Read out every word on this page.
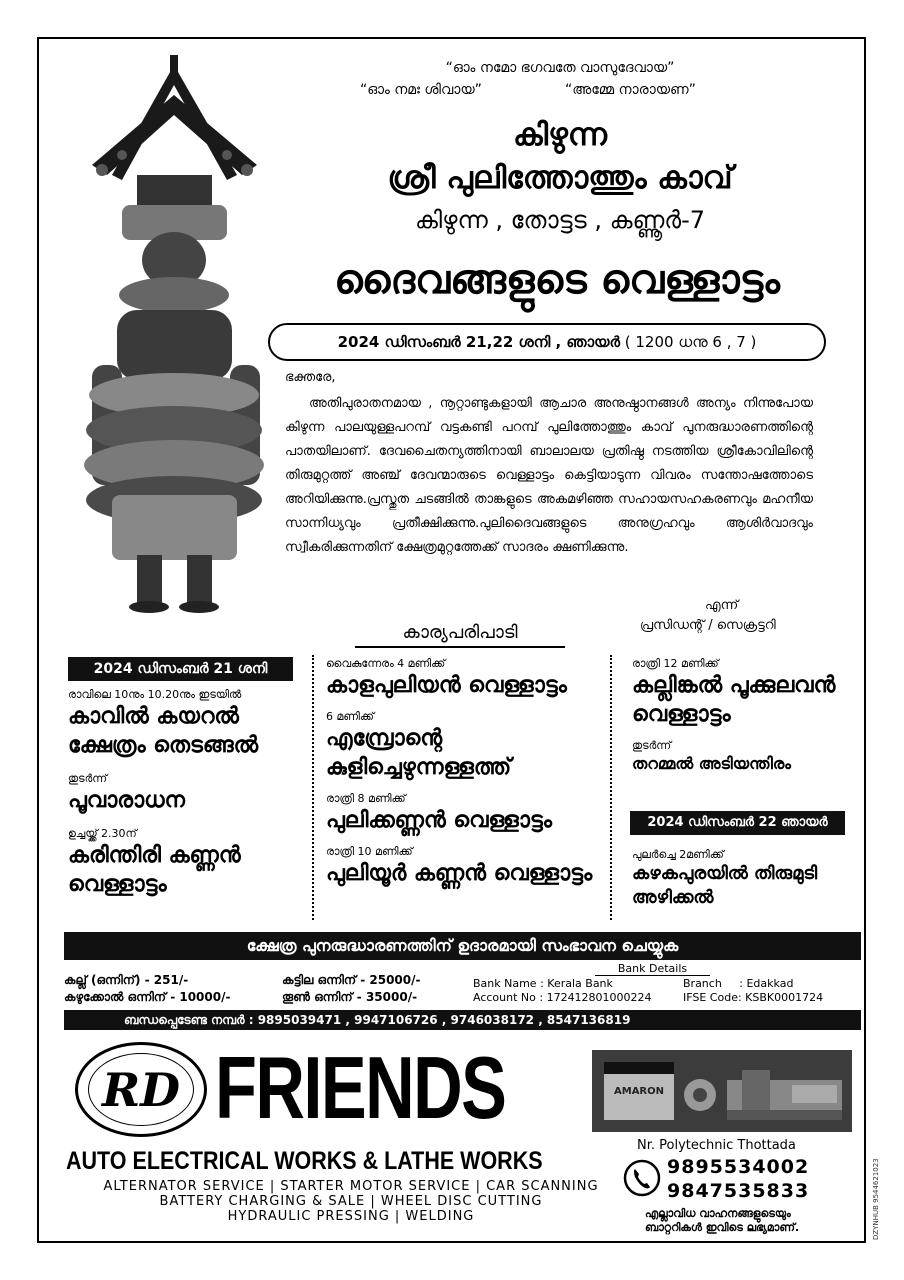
“ഓം നമോ ഭഗവതേ വാസുദേവായ”
“ഓം നമഃ ശിവായ”	“അമ്മേ നാരായണ”
കിഴുന്ന
ശ്രീ പുലിത്തോത്തും കാവ്
കിഴുന്ന , തോട്ടട , കണ്ണൂർ-7
ദൈവങ്ങളുടെ വെള്ളാട്ടം
2024 ഡിസംബർ 21,22 ശനി , ഞായർ ( 1200 ധനു 6 , 7 )
ഭക്തരേ,

അതിപുരാതനമായ , നൂറ്റാണ്ടുകളായി ആചാര അനുഷ്ഠാനങ്ങൾ അന്യം നിന്നുപോയ കിഴുന്ന പാലയുള്ളപറമ്പ് വട്ടകണ്ടി പറമ്പ് പുലിത്തോത്തും കാവ് പുനരുദ്ധാരണത്തിന്റെ പാതയിലാണ്. ദേവചൈതന്യത്തിനായി ബാലാലയ പ്രതിഷ്ഠ നടത്തിയ ശ്രീകോവിലിന്റെ തിരുമുറ്റത്ത് അഞ്ച് ദേവന്മാരുടെ വെള്ളാട്ടം കെട്ടിയാടുന്ന വിവരം സന്തോഷത്തോടെ അറിയിക്കുന്നു.പ്രസ്തുത ചടങ്ങിൽ താങ്കളുടെ അകമഴിഞ്ഞ സഹായസഹകരണവും മഹനീയ സാന്നിധ്യവും പ്രതീക്ഷിക്കുന്നു.പുലിദൈവങ്ങളുടെ അനുഗ്രഹവും ആശിർവാദവും സ്വീകരിക്കുന്നതിന് ക്ഷേത്രമുറ്റത്തേക്ക് സാദരം ക്ഷണിക്കുന്നു.

എന്ന്
പ്രസിഡന്റ് / സെക്രട്ടറി
കാര്യപരിപാടി
2024 ഡിസംബർ 21 ശനി
രാവിലെ 10നും 10.20നും ഇടയിൽ
കാവിൽ കയറൽ ക്ഷേത്രം തെടങ്ങൽ
തുടർന്ന്
പൂവാരാധന
ഉച്ചയ്ക്ക് 2.30ന്
കരിന്തിരി കണ്ണൻ വെള്ളാട്ടം
വൈകുന്നേരം 4 മണിക്ക്
കാളപുലിയൻ വെള്ളാട്ടം
6 മണിക്ക്
എമ്പ്രോന്റെ കുളിച്ചെഴുന്നള്ളത്ത്
രാത്രി 8 മണിക്ക്
പുലിക്കണ്ണൻ വെള്ളാട്ടം
രാത്രി 10 മണിക്ക്
പുലിയൂർ കണ്ണൻ വെള്ളാട്ടം
രാത്രി 12 മണിക്ക്
കല്ലിങ്കൽ പൂക്കുലവൻ വെള്ളാട്ടം
തുടർന്ന്
തറമ്മൽ അടിയന്തിരം
2024 ഡിസംബർ 22 ഞായർ
പുലർച്ചെ 2മണിക്ക്
കഴകപുരയിൽ തിരുമുടി അഴിക്കൽ
ക്ഷേത്ര പുനരുദ്ധാരണത്തിന് ഉദാരമായി സംഭാവന ചെയ്യുക
കല്ല് (ഒന്നിന്) - 251/-	കട്ടില ഒന്നിന് - 25000/-
കഴുക്കോൽ ഒന്നിന് - 10000/-	തൂൺ ഒന്നിന് - 35000/-
Bank Details
Bank Name : Kerala Bank	Branch     : Edakkad
Account No : 172412801000224	IFSE Code: KSBK0001724
ബന്ധപ്പെടേണ്ട നമ്പർ : 9895039471 , 9947106726 , 9746038172 , 8547136819
RD FRIENDS	AMARON
AUTO ELECTRICAL WORKS & LATHE WORKS
ALTERNATOR SERVICE | STARTER MOTOR SERVICE | CAR SCANNING
BATTERY CHARGING & SALE | WHEEL DISC CUTTING
HYDRAULIC PRESSING | WELDING
Nr. Polytechnic Thottada
9895534002
9847535833
എല്ലാവിധ വാഹനങ്ങളുടെയും
ബാറ്ററികൾ ഇവിടെ ലഭ്യമാണ്.	DZYNHUB 9544621023
